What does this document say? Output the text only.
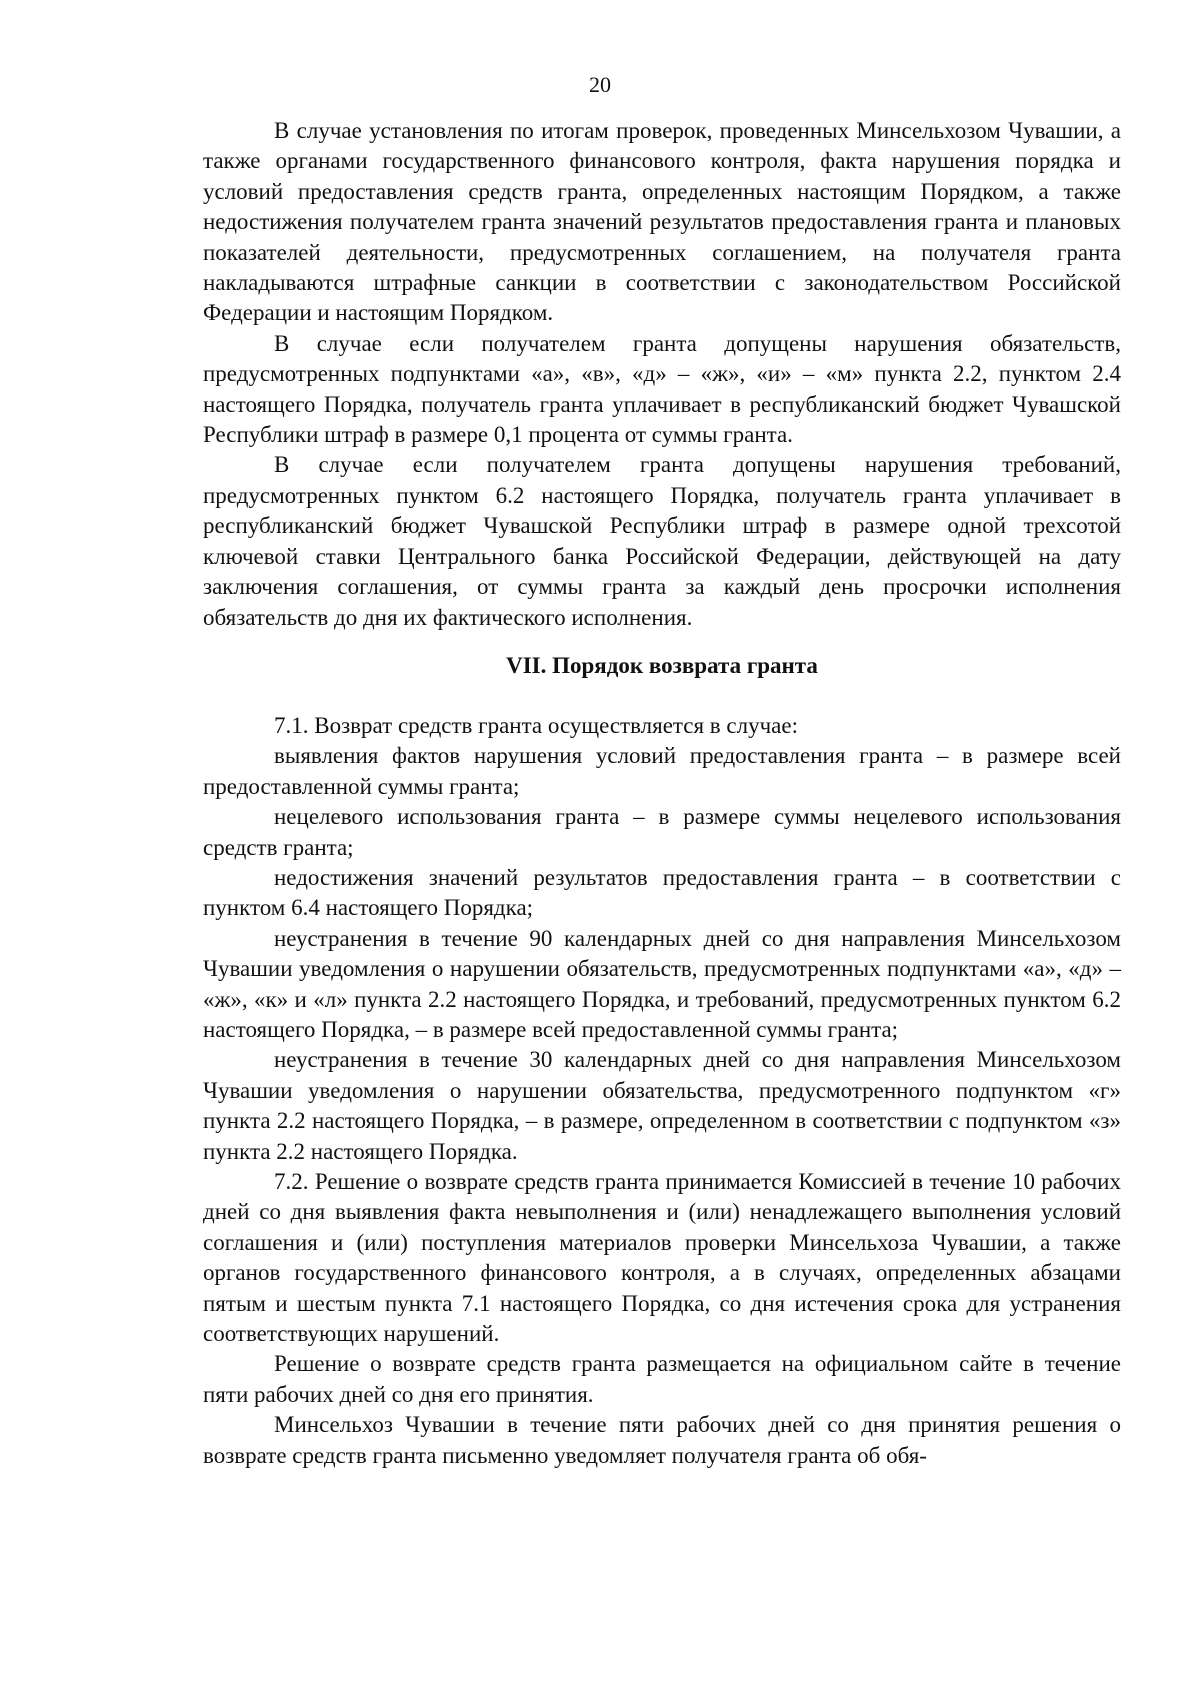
20

В случае установления по итогам проверок, проведенных Минсельхозом Чувашии, а также органами государственного финансового контроля, факта нарушения порядка и условий предоставления средств гранта, определенных настоящим Порядком, а также недостижения получателем гранта значений результатов предоставления гранта и плановых показателей деятельности, предусмотренных соглашением, на получателя гранта накладываются штрафные санкции в соответствии с законодательством Российской Федерации и настоящим Порядком.

В случае если получателем гранта допущены нарушения обязательств, предусмотренных подпунктами «а», «в», «д» – «ж», «и» – «м» пункта 2.2, пунктом 2.4 настоящего Порядка, получатель гранта уплачивает в республиканский бюджет Чувашской Республики штраф в размере 0,1 процента от суммы гранта.

В случае если получателем гранта допущены нарушения требований, предусмотренных пунктом 6.2 настоящего Порядка, получатель гранта уплачивает в республиканский бюджет Чувашской Республики штраф в размере одной трехсотой ключевой ставки Центрального банка Российской Федерации, действующей на дату заключения соглашения, от суммы гранта за каждый день просрочки исполнения обязательств до дня их фактического исполнения.

VII. Порядок возврата гранта

7.1. Возврат средств гранта осуществляется в случае:

выявления фактов нарушения условий предоставления гранта – в размере всей предоставленной суммы гранта;

нецелевого использования гранта – в размере суммы нецелевого использования средств гранта;

недостижения значений результатов предоставления гранта – в соответствии с пунктом 6.4 настоящего Порядка;

неустранения в течение 90 календарных дней со дня направления Минсельхозом Чувашии уведомления о нарушении обязательств, предусмотренных подпунктами «а», «д» – «ж», «к» и «л» пункта 2.2 настоящего Порядка, и требований, предусмотренных пунктом 6.2 настоящего Порядка, – в размере всей предоставленной суммы гранта;

неустранения в течение 30 календарных дней со дня направления Минсельхозом Чувашии уведомления о нарушении обязательства, предусмотренного подпунктом «г» пункта 2.2 настоящего Порядка, – в размере, определенном в соответствии с подпунктом «з» пункта 2.2 настоящего Порядка.

7.2. Решение о возврате средств гранта принимается Комиссией в течение 10 рабочих дней со дня выявления факта невыполнения и (или) ненадлежащего выполнения условий соглашения и (или) поступления материалов проверки Минсельхоза Чувашии, а также органов государственного финансового контроля, а в случаях, определенных абзацами пятым и шестым пункта 7.1 настоящего Порядка, со дня истечения срока для устранения соответствующих нарушений.

Решение о возврате средств гранта размещается на официальном сайте в течение пяти рабочих дней со дня его принятия.

Минсельхоз Чувашии в течение пяти рабочих дней со дня принятия решения о возврате средств гранта письменно уведомляет получателя гранта об обя-
